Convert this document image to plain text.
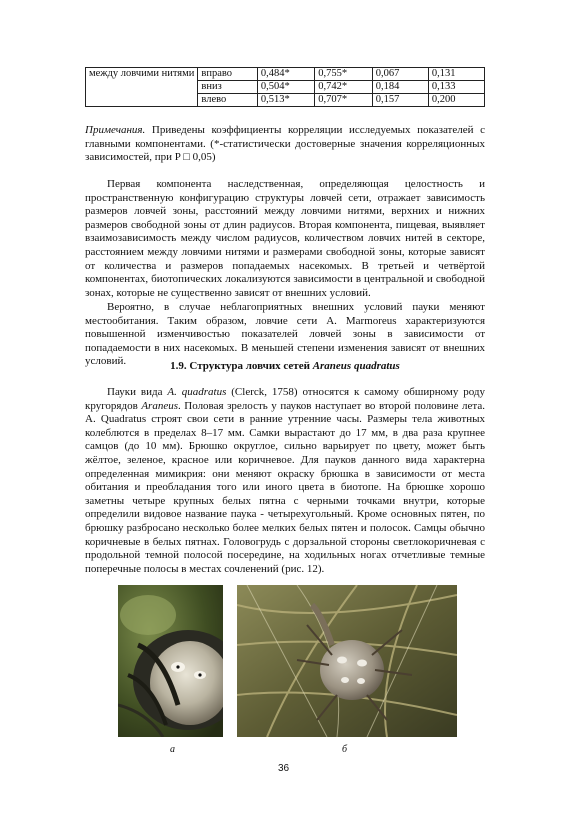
между ловчими нитями	вправо	0,484*	0,755*	0,067	0,131
	вниз	0,504*	0,742*	0,184	0,133
	влево	0,513*	0,707*	0,157	0,200
Примечания. Приведены коэффициенты корреляции исследуемых показателей с главными компонентами. (*-статистически достоверные значения корреляционных зависимостей, при P □ 0,05)

Первая компонента наследственная, определяющая целостность и пространственную конфигурацию структуры ловчей сети, отражает зависимость размеров ловчей зоны, расстояний между ловчими нитями, верхних и нижних размеров свободной зоны от длин радиусов. Вторая компонента, пищевая, выявляет взаимозависимость между числом радиусов, количеством ловчих нитей в секторе, расстоянием между ловчими нитями и размерами свободной зоны, которые зависят от количества и размеров попадаемых насекомых. В третьей и четвёртой компонентах, биотопических локализуются зависимости в центральной и свободной зонах, которые не существенно зависят от внешних условий.

Вероятно, в случае неблагоприятных внешних условий пауки меняют местообитания. Таким образом, ловчие сети A. Marmoreus характеризуются повышенной изменчивостью показателей ловчей зоны в зависимости от попадаемости в них насекомых. В меньшей степени изменения зависят от внешних условий.	1.9. Структура ловчих сетей Araneus quadratus

Пауки вида A. quadratus (Clerck, 1758) относятся к самому обширному роду кругорядов Araneus. Половая зрелость у пауков наступает во второй половине лета. A. Quadratus строят свои сети в ранние утренние часы. Размеры тела животных колеблются в пределах 8–17 мм. Самки вырастают до 17 мм, в два раза крупнее самцов (до 10 мм). Брюшко округлое, сильно варьирует по цвету, может быть жёлтое, зеленое, красное или коричневое. Для пауков данного вида характерна определенная мимикрия: они меняют окраску брюшка в зависимости от места обитания и преобладания того или иного цвета в биотопе. На брюшке хорошо заметны четыре крупных белых пятна с черными точками внутри, которые определили видовое название паука - четырехугольный. Кроме основных пятен, по брюшку разбросано несколько более мелких белых пятен и полосок. Самцы обычно коричневые в белых пятнах. Головогрудь с дорзальной стороны светлокоричневая с продольной темной полосой посередине, на ходильных ногах отчетливые темные поперечные полосы в местах сочленений (рис. 12).

а	б
36
